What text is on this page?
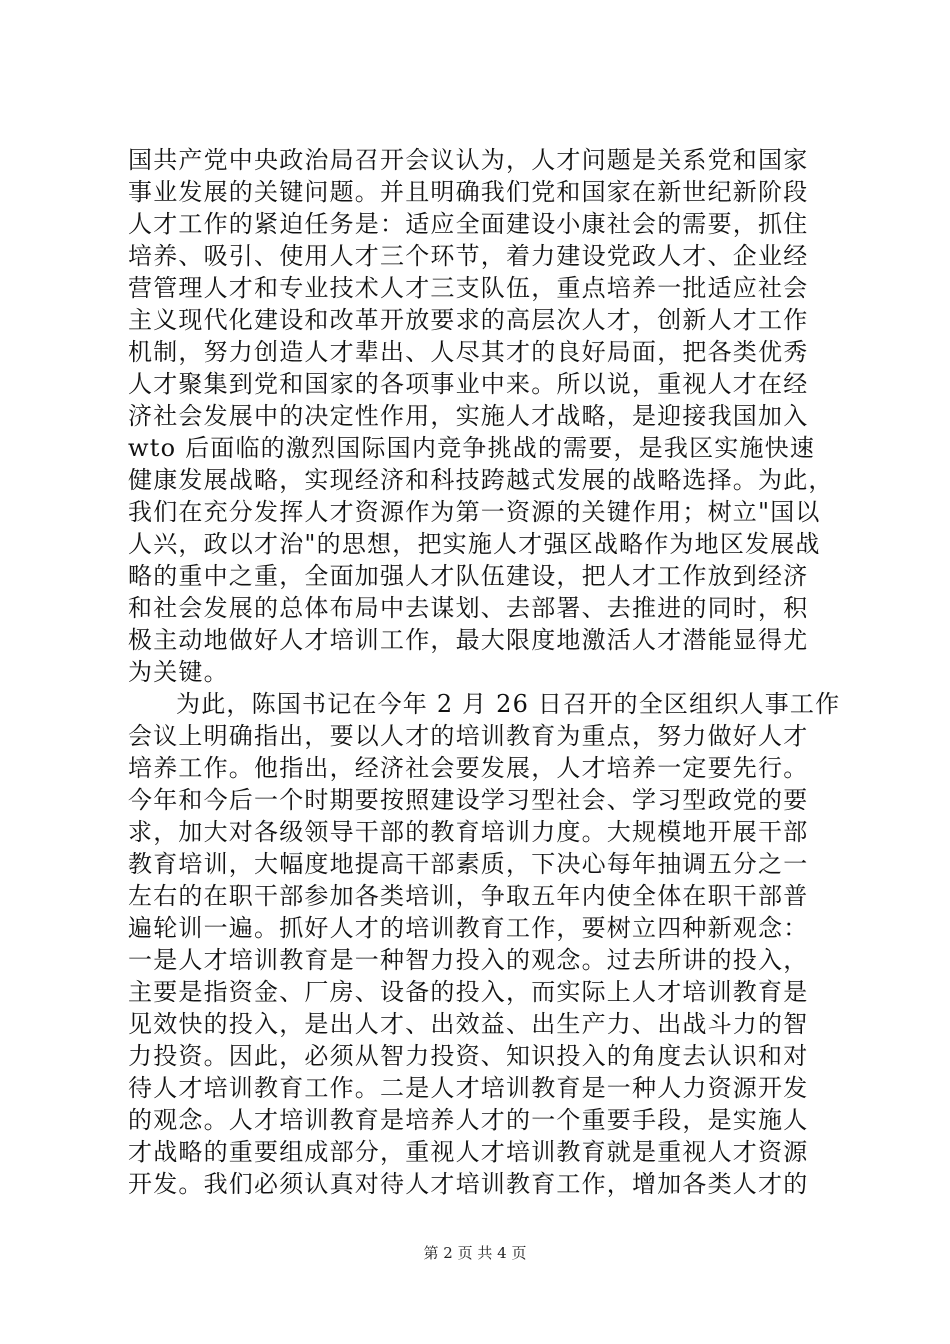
国共产党中央政治局召开会议认为，人才问题是关系党和国家
事业发展的关键问题。并且明确我们党和国家在新世纪新阶段
人才工作的紧迫任务是：适应全面建设小康社会的需要，抓住
培养、吸引、使用人才三个环节，着力建设党政人才、企业经
营管理人才和专业技术人才三支队伍，重点培养一批适应社会
主义现代化建设和改革开放要求的高层次人才，创新人才工作
机制，努力创造人才辈出、人尽其才的良好局面，把各类优秀
人才聚集到党和国家的各项事业中来。所以说，重视人才在经
济社会发展中的决定性作用，实施人才战略，是迎接我国加入
wto 后面临的激烈国际国内竞争挑战的需要，是我区实施快速
健康发展战略，实现经济和科技跨越式发展的战略选择。为此，
我们在充分发挥人才资源作为第一资源的关键作用；树立"国以
人兴，政以才治"的思想，把实施人才强区战略作为地区发展战
略的重中之重，全面加强人才队伍建设，把人才工作放到经济
和社会发展的总体布局中去谋划、去部署、去推进的同时，积
极主动地做好人才培训工作，最大限度地激活人才潜能显得尤
为关键。
为此，陈国书记在今年 2 月 26 日召开的全区组织人事工作
会议上明确指出，要以人才的培训教育为重点，努力做好人才
培养工作。他指出，经济社会要发展，人才培养一定要先行。
今年和今后一个时期要按照建设学习型社会、学习型政党的要
求，加大对各级领导干部的教育培训力度。大规模地开展干部
教育培训，大幅度地提高干部素质，下决心每年抽调五分之一
左右的在职干部参加各类培训，争取五年内使全体在职干部普
遍轮训一遍。抓好人才的培训教育工作，要树立四种新观念：
一是人才培训教育是一种智力投入的观念。过去所讲的投入，
主要是指资金、厂房、设备的投入，而实际上人才培训教育是
见效快的投入，是出人才、出效益、出生产力、出战斗力的智
力投资。因此，必须从智力投资、知识投入的角度去认识和对
待人才培训教育工作。二是人才培训教育是一种人力资源开发
的观念。人才培训教育是培养人才的一个重要手段，是实施人
才战略的重要组成部分，重视人才培训教育就是重视人才资源
开发。我们必须认真对待人才培训教育工作，增加各类人才的
第 2 页 共 4 页
